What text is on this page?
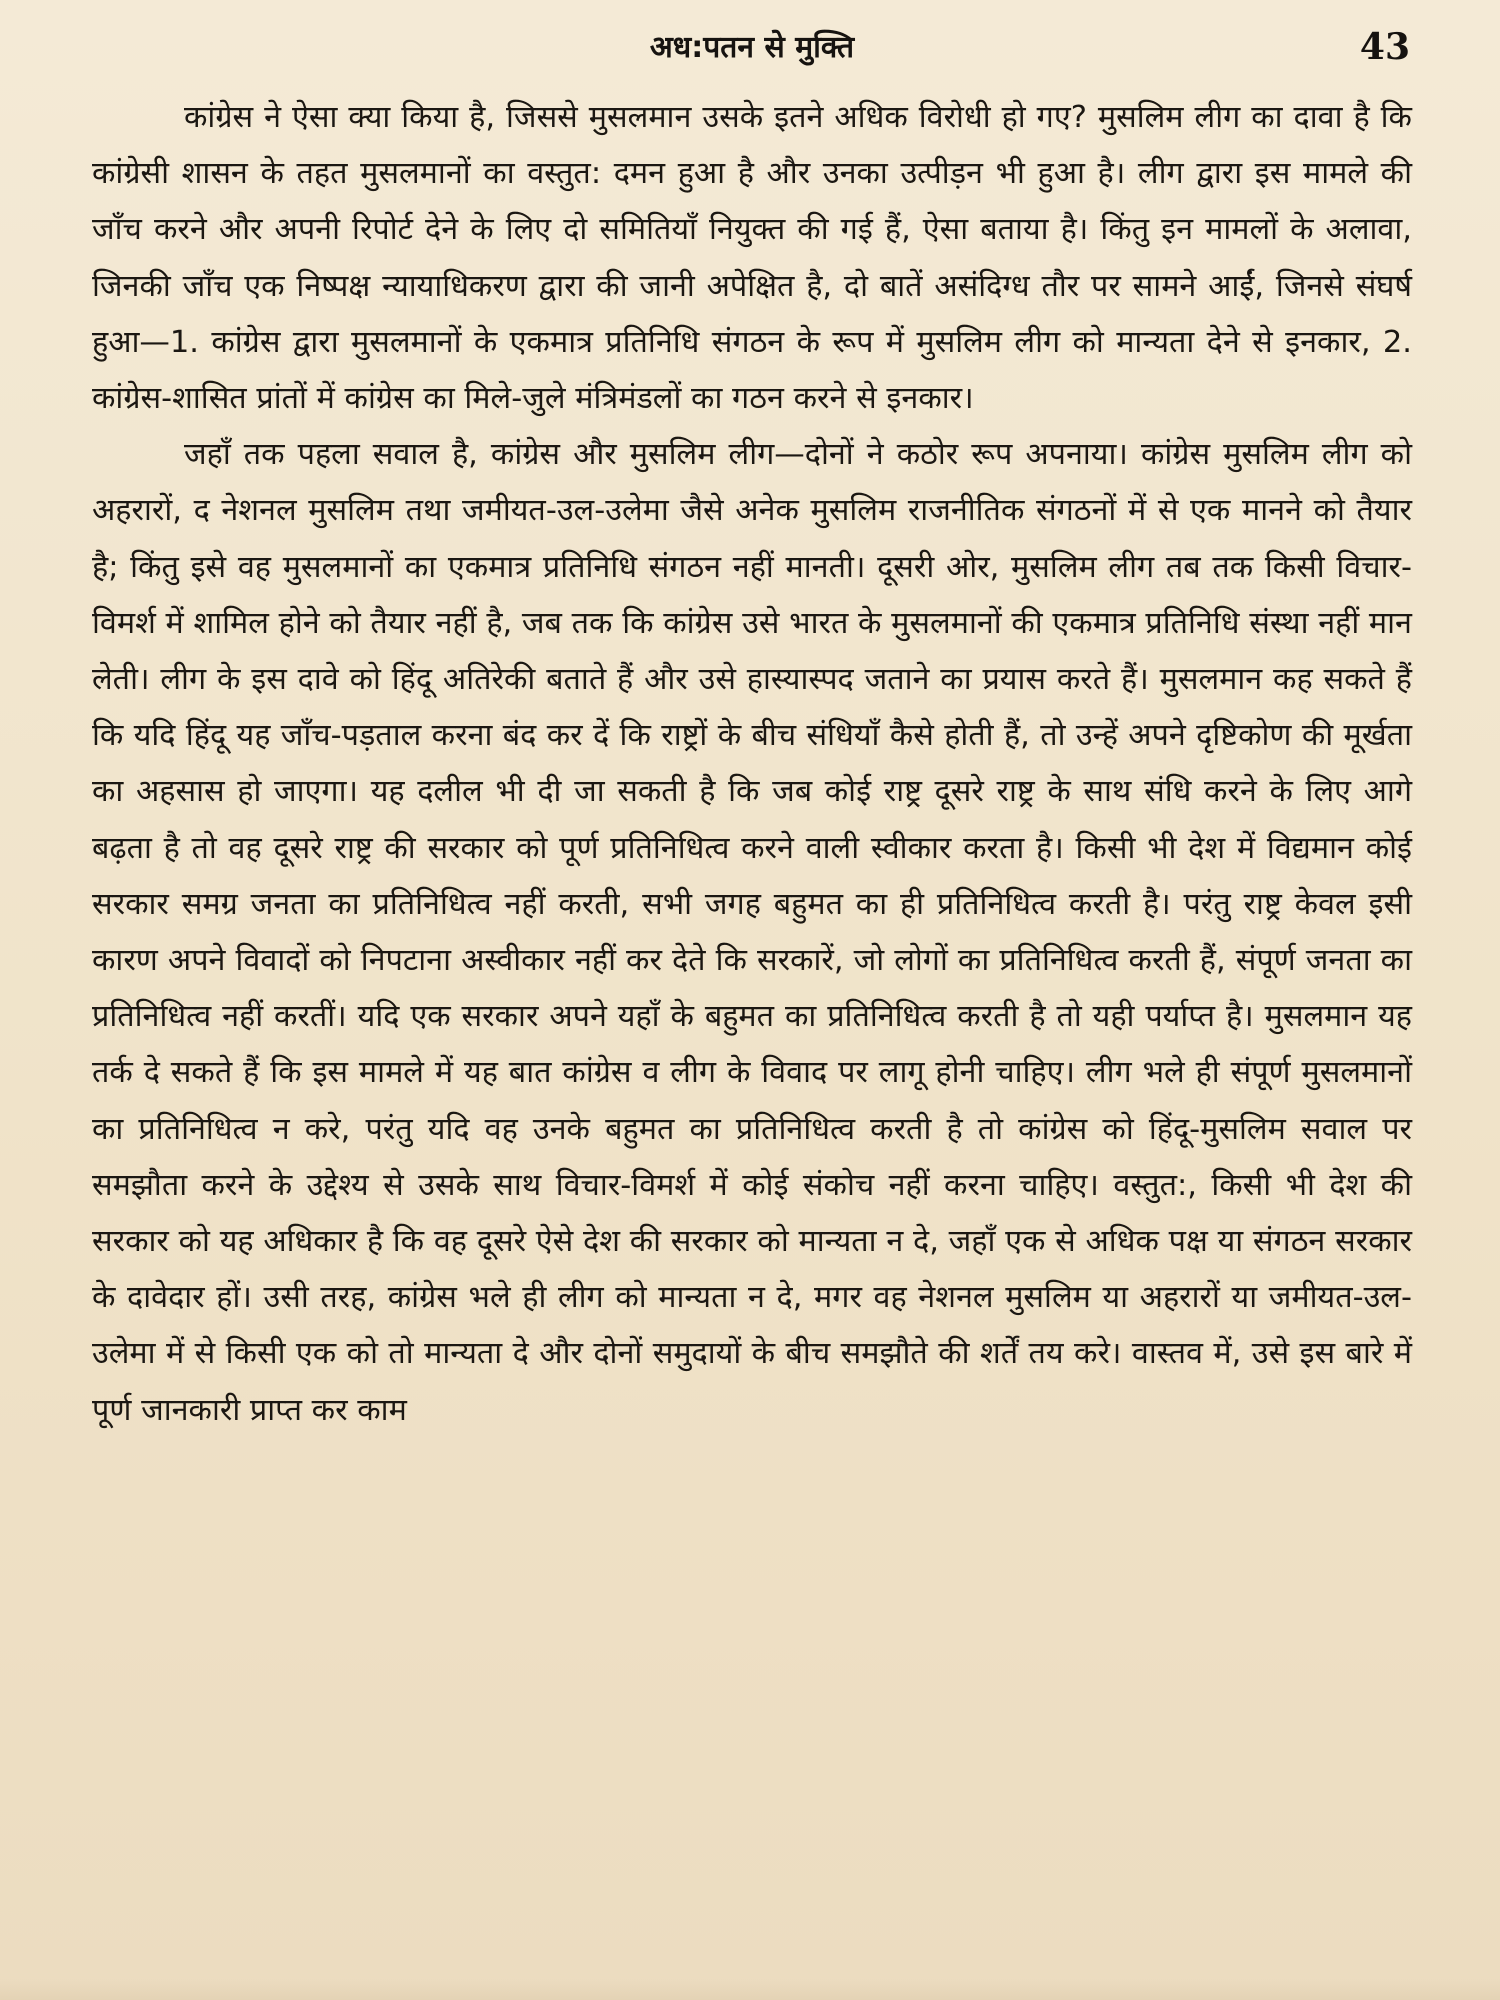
अध:पतन से मुक्ति	43

कांग्रेस ने ऐसा क्या किया है, जिससे मुसलमान उसके इतने अधिक विरोधी हो गए? मुसलिम लीग का दावा है कि कांग्रेसी शासन के तहत मुसलमानों का वस्तुत: दमन हुआ है और उनका उत्पीड़न भी हुआ है। लीग द्वारा इस मामले की जाँच करने और अपनी रिपोर्ट देने के लिए दो समितियाँ नियुक्त की गई हैं, ऐसा बताया है। किंतु इन मामलों के अलावा, जिनकी जाँच एक निष्पक्ष न्यायाधिकरण द्वारा की जानी अपेक्षित है, दो बातें असंदिग्ध तौर पर सामने आईं, जिनसे संघर्ष हुआ—1. कांग्रेस द्वारा मुसलमानों के एकमात्र प्रतिनिधि संगठन के रूप में मुसलिम लीग को मान्यता देने से इनकार, 2. कांग्रेस-शासित प्रांतों में कांग्रेस का मिले-जुले मंत्रिमंडलों का गठन करने से इनकार।

जहाँ तक पहला सवाल है, कांग्रेस और मुसलिम लीग—दोनों ने कठोर रूप अपनाया। कांग्रेस मुसलिम लीग को अहरारों, द नेशनल मुसलिम तथा जमीयत-उल-उलेमा जैसे अनेक मुसलिम राजनीतिक संगठनों में से एक मानने को तैयार है; किंतु इसे वह मुसलमानों का एकमात्र प्रतिनिधि संगठन नहीं मानती। दूसरी ओर, मुसलिम लीग तब तक किसी विचार-विमर्श में शामिल होने को तैयार नहीं है, जब तक कि कांग्रेस उसे भारत के मुसलमानों की एकमात्र प्रतिनिधि संस्था नहीं मान लेती। लीग के इस दावे को हिंदू अतिरेकी बताते हैं और उसे हास्यास्पद जताने का प्रयास करते हैं। मुसलमान कह सकते हैं कि यदि हिंदू यह जाँच-पड़ताल करना बंद कर दें कि राष्ट्रों के बीच संधियाँ कैसे होती हैं, तो उन्हें अपने दृष्टिकोण की मूर्खता का अहसास हो जाएगा। यह दलील भी दी जा सकती है कि जब कोई राष्ट्र दूसरे राष्ट्र के साथ संधि करने के लिए आगे बढ़ता है तो वह दूसरे राष्ट्र की सरकार को पूर्ण प्रतिनिधित्व करने वाली स्वीकार करता है। किसी भी देश में विद्यमान कोई सरकार समग्र जनता का प्रतिनिधित्व नहीं करती, सभी जगह बहुमत का ही प्रतिनिधित्व करती है। परंतु राष्ट्र केवल इसी कारण अपने विवादों को निपटाना अस्वीकार नहीं कर देते कि सरकारें, जो लोगों का प्रतिनिधित्व करती हैं, संपूर्ण जनता का प्रतिनिधित्व नहीं करतीं। यदि एक सरकार अपने यहाँ के बहुमत का प्रतिनिधित्व करती है तो यही पर्याप्त है। मुसलमान यह तर्क दे सकते हैं कि इस मामले में यह बात कांग्रेस व लीग के विवाद पर लागू होनी चाहिए। लीग भले ही संपूर्ण मुसलमानों का प्रतिनिधित्व न करे, परंतु यदि वह उनके बहुमत का प्रतिनिधित्व करती है तो कांग्रेस को हिंदू-मुसलिम सवाल पर समझौता करने के उद्देश्य से उसके साथ विचार-विमर्श में कोई संकोच नहीं करना चाहिए। वस्तुत:, किसी भी देश की सरकार को यह अधिकार है कि वह दूसरे ऐसे देश की सरकार को मान्यता न दे, जहाँ एक से अधिक पक्ष या संगठन सरकार के दावेदार हों। उसी तरह, कांग्रेस भले ही लीग को मान्यता न दे, मगर वह नेशनल मुसलिम या अहरारों या जमीयत-उल-उलेमा में से किसी एक को तो मान्यता दे और दोनों समुदायों के बीच समझौते की शर्तें तय करे। वास्तव में, उसे इस बारे में पूर्ण जानकारी प्राप्त कर काम
